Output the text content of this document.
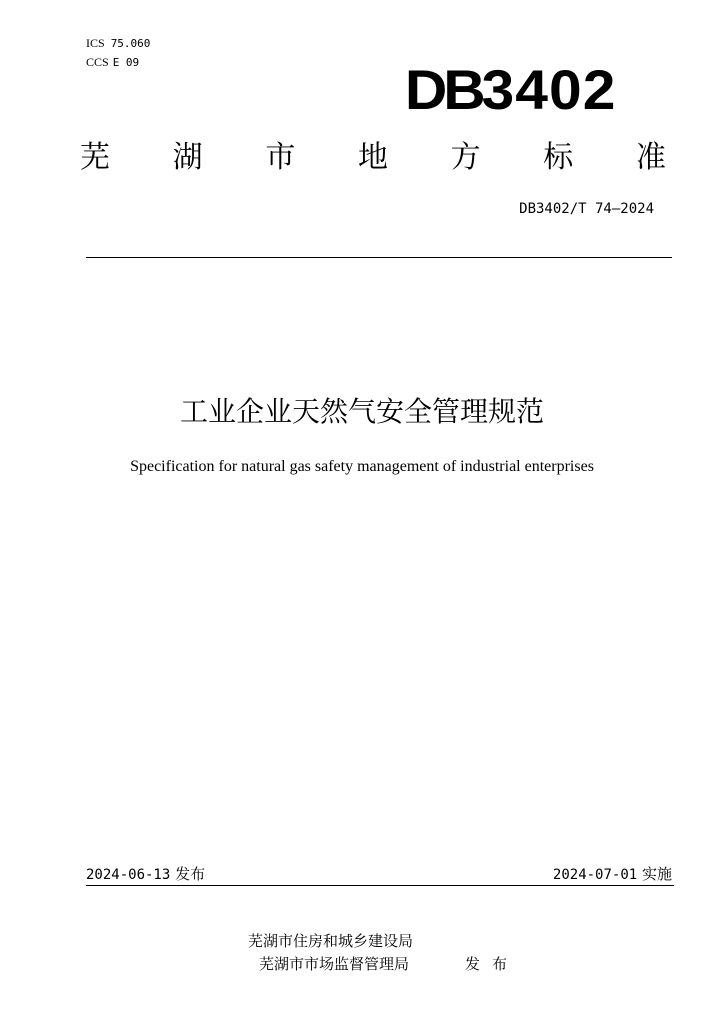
ICS 75.060
CCS E 09	DB3402
芜 湖 市 地 方 标 准
DB3402/T 74—2024
工业企业天然气安全管理规范
Specification for natural gas safety management of industrial enterprises
2024-06-13 发布	2024-07-01 实施
芜湖市住房和城乡建设局
芜湖市市场监督管理局	发布
